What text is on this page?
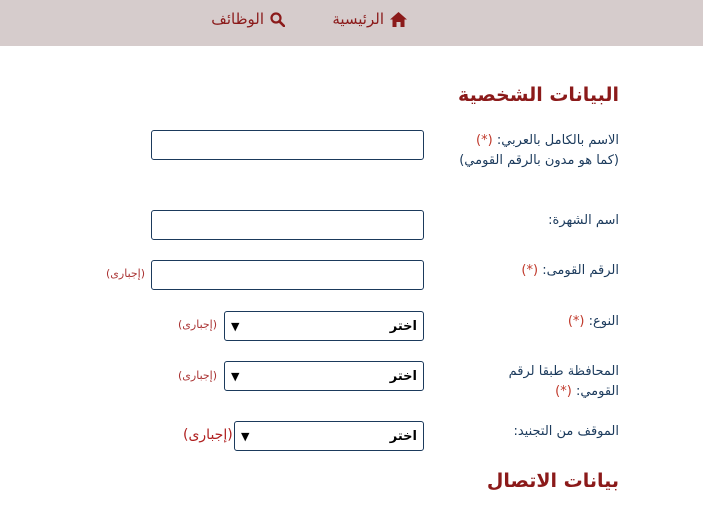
الرئيسية
الوظائف
البيانات الشخصية
الاسم بالكامل بالعربي: (*) (كما هو مدون بالرقم القومي)
اسم الشهرة:
الرقم القومى: (*)
(إجبارى)
النوع: (*)
اختر
▼
(إجبارى)
المحافظة طبقا لرقم القومي: (*)
اختر
▼
(إجبارى)
الموقف من التجنيد:
اختر
▼
(إجبارى)
بيانات الاتصال
